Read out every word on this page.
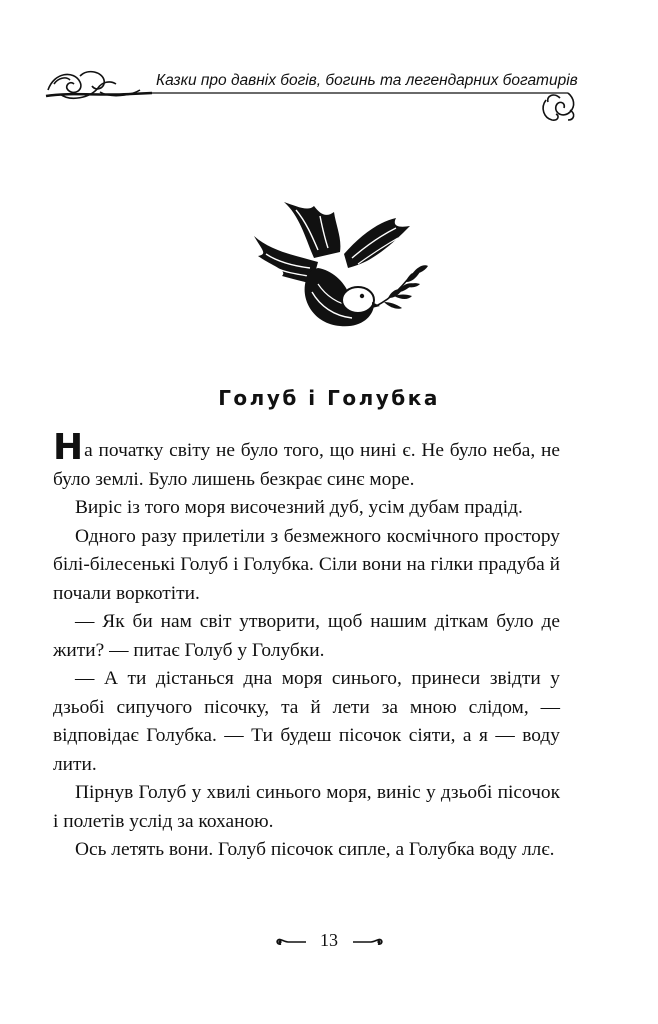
Казки про давніх богів, богинь та легендарних богатирів
Голуб і Голубка

На початку світу не було того, що нині є. Не було неба, не було землі. Було лишень безкрає синє море.

Виріс із того моря височезний дуб, усім дубам прадід.

Одного разу прилетіли з безмежного космічного простору білі-білесенькі Голуб і Голубка. Сіли вони на гілки прадуба й почали воркотіти.

— Як би нам світ утворити, щоб нашим діткам було де жити? — питає Голуб у Голубки.

— А ти дістанься дна моря синього, принеси звідти у дзьобі сипучого пісочку, та й лети за мною слідом, — відповідає Голубка. — Ти будеш пісочок сіяти, а я — воду лити.

Пірнув Голуб у хвилі синього моря, виніс у дзьобі пісочок і полетів услід за коханою.

Ось летять вони. Голуб пісочок сипле, а Голубка воду ллє.

13
